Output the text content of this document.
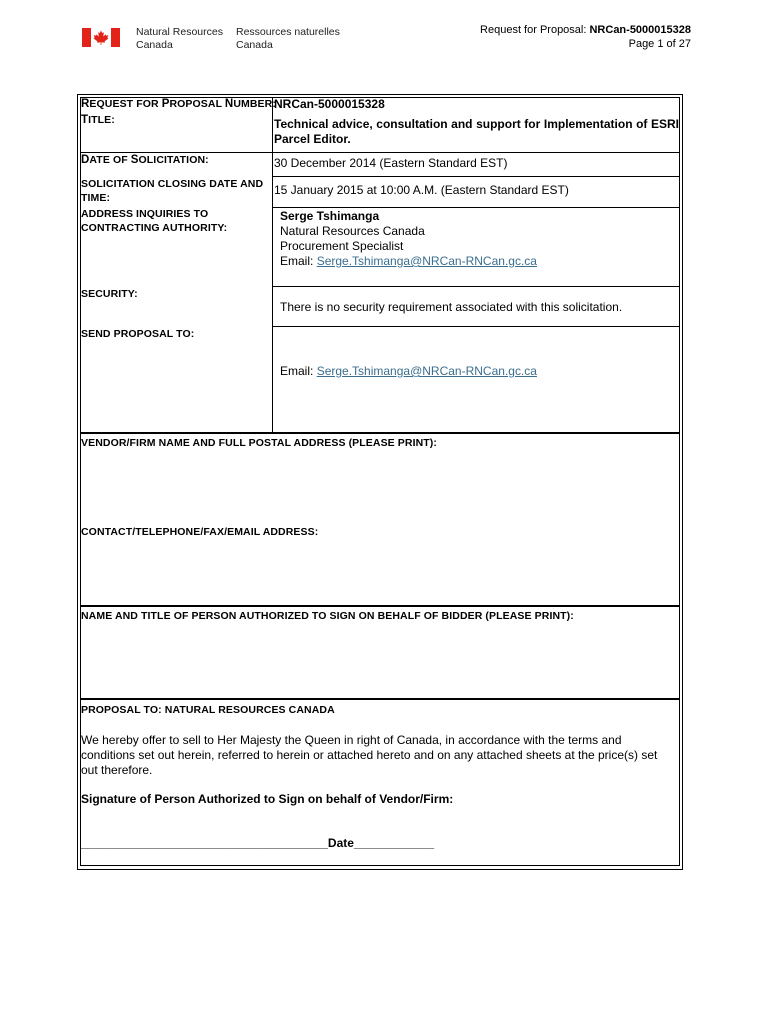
Natural Resources
Canada
Ressources naturelles
Canada
Request for Proposal: NRCan-5000015328
Page 1 of 27
REQUEST FOR PROPOSAL NUMBER:
NRCan-5000015328
TITLE:	Technical advice, consultation and support for Implementation of ESRI Parcel Editor.
DATE OF SOLICITATION:	30 December 2014 (Eastern Standard EST)
SOLICITATION CLOSING DATE AND
TIME:
15 January 2015 at 10:00 A.M. (Eastern Standard EST)
ADDRESS INQUIRIES TO
CONTRACTING AUTHORITY:
Serge Tshimanga
Natural Resources Canada
Procurement Specialist
Email: Serge.Tshimanga@NRCan-RNCan.gc.ca
SECURITY:
There is no security requirement associated with this solicitation.
SEND PROPOSAL TO:
Email: Serge.Tshimanga@NRCan-RNCan.gc.ca
VENDOR/FIRM NAME AND FULL POSTAL ADDRESS (PLEASE PRINT):
CONTACT/TELEPHONE/FAX/EMAIL ADDRESS:
NAME AND TITLE OF PERSON AUTHORIZED TO SIGN ON BEHALF OF BIDDER (PLEASE PRINT):
PROPOSAL TO: NATURAL RESOURCES CANADA
We hereby offer to sell to Her Majesty the Queen in right of Canada, in accordance with the terms and conditions set out herein, referred to herein or attached hereto and on any attached sheets at the price(s) set out therefore.
Signature of Person Authorized to Sign on behalf of Vendor/Firm:
_____________________________________Date____________
